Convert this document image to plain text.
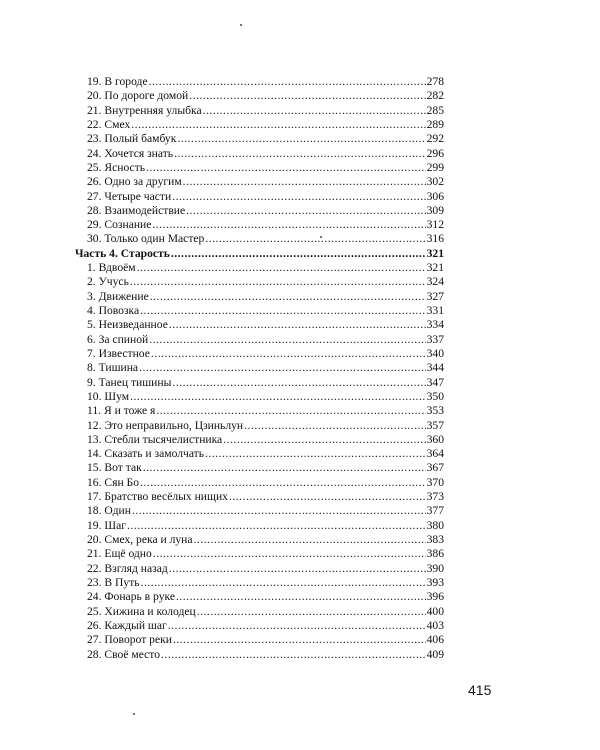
19. В городе .....	278
20. По дороге домой .....	282
21. Внутренняя улыбка .....	285
22. Смех .....	289
23. Полый бамбук .....	292
24. Хочется знать .....	296
25. Ясность .....	299
26. Одно за другим .....	302
27. Четыре части .....	306
28. Взаимодействие .....	309
29. Сознание .....	312
30. Только один Мастер .....	316
Часть 4. Старость .....	321
1. Вдвоём .....	321
2. Учусь .....	324
3. Движение .....	327
4. Повозка .....	331
5. Неизведанное .....	334
6. За спиной .....	337
7. Известное .....	340
8. Тишина .....	344
9. Танец тишины .....	347
10. Шум .....	350
11. Я и тоже я .....	353
12. Это неправильно, Цзиньлун .....	357
13. Стебли тысячелистника .....	360
14. Сказать и замолчать .....	364
15. Вот так .....	367
16. Сян Бо .....	370
17. Братство весёлых нищих .....	373
18. Один .....	377
19. Шаг .....	380
20. Смех, река и луна .....	383
21. Ещё одно .....	386
22. Взгляд назад .....	390
23. В Путь .....	393
24. Фонарь в руке .....	396
25. Хижина и колодец .....	400
26. Каждый шаг .....	403
27. Поворот реки .....	406
28. Своё место .....	409
415
